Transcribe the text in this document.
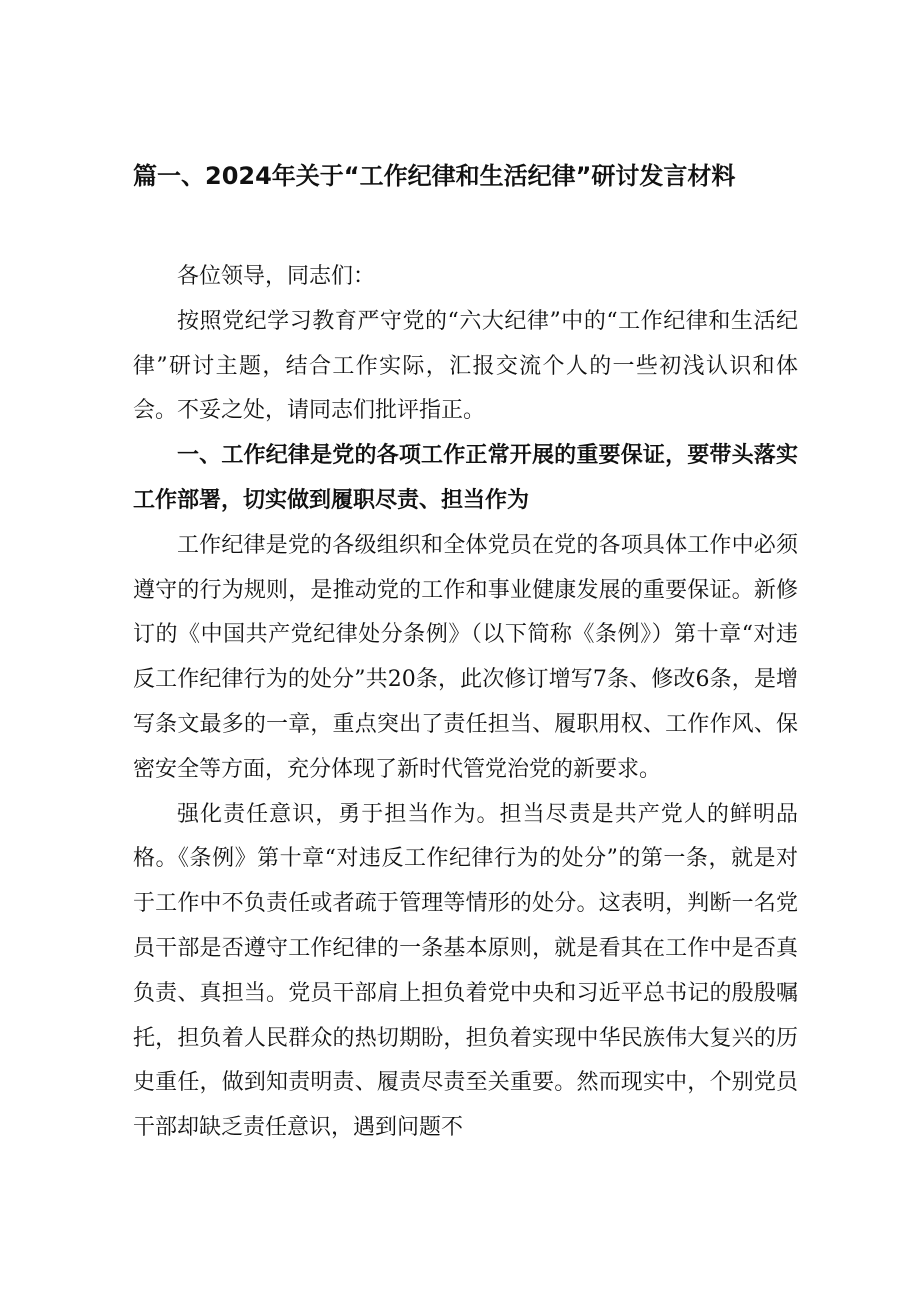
篇一、2024年关于“工作纪律和生活纪律”研讨发言材料

各位领导，同志们：

按照党纪学习教育严守党的“六大纪律”中的“工作纪律和生活纪律”研讨主题，结合工作实际，汇报交流个人的一些初浅认识和体会。不妥之处，请同志们批评指正。

一、工作纪律是党的各项工作正常开展的重要保证，要带头落实工作部署，切实做到履职尽责、担当作为

工作纪律是党的各级组织和全体党员在党的各项具体工作中必须遵守的行为规则，是推动党的工作和事业健康发展的重要保证。新修订的《中国共产党纪律处分条例》（以下简称《条例》）第十章“对违反工作纪律行为的处分”共20条，此次修订增写7条、修改6条，是增写条文最多的一章，重点突出了责任担当、履职用权、工作作风、保密安全等方面，充分体现了新时代管党治党的新要求。

强化责任意识，勇于担当作为。担当尽责是共产党人的鲜明品格。《条例》第十章“对违反工作纪律行为的处分”的第一条，就是对于工作中不负责任或者疏于管理等情形的处分。这表明，判断一名党员干部是否遵守工作纪律的一条基本原则，就是看其在工作中是否真负责、真担当。党员干部肩上担负着党中央和习近平总书记的殷殷嘱托，担负着人民群众的热切期盼，担负着实现中华民族伟大复兴的历史重任，做到知责明责、履责尽责至关重要。然而现实中，个别党员干部却缺乏责任意识，遇到问题不
